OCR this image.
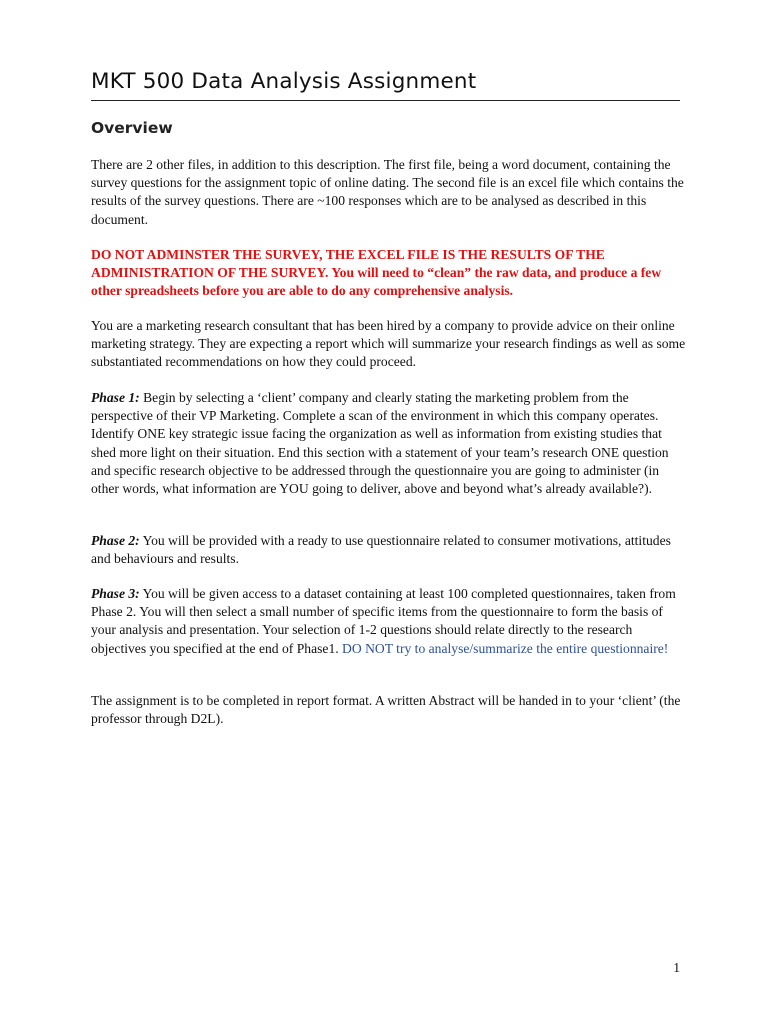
MKT 500 Data Analysis Assignment
Overview

There are 2 other files, in addition to this description. The first file, being a word document, containing the survey questions for the assignment topic of online dating. The second file is an excel file which contains the results of the survey questions. There are ~100 responses which are to be analysed as described in this document.

DO NOT ADMINSTER THE SURVEY, THE EXCEL FILE IS THE RESULTS OF THE ADMINISTRATION OF THE SURVEY. You will need to “clean” the raw data, and produce a few other spreadsheets before you are able to do any comprehensive analysis.

You are a marketing research consultant that has been hired by a company to provide advice on their online marketing strategy. They are expecting a report which will summarize your research findings as well as some substantiated recommendations on how they could proceed.

Phase 1: Begin by selecting a ‘client’ company and clearly stating the marketing problem from the perspective of their VP Marketing. Complete a scan of the environment in which this company operates. Identify ONE key strategic issue facing the organization as well as information from existing studies that shed more light on their situation. End this section with a statement of your team’s research ONE question and specific research objective to be addressed through the questionnaire you are going to administer (in other words, what information are YOU going to deliver, above and beyond what’s already available?).

Phase 2: You will be provided with a ready to use questionnaire related to consumer motivations, attitudes and behaviours and results.

Phase 3: You will be given access to a dataset containing at least 100 completed questionnaires, taken from Phase 2. You will then select a small number of specific items from the questionnaire to form the basis of your analysis and presentation. Your selection of 1-2 questions should relate directly to the research objectives you specified at the end of Phase1. DO NOT try to analyse/summarize the entire questionnaire!

The assignment is to be completed in report format. A written Abstract will be handed in to your ‘client’ (the professor through D2L).

1
